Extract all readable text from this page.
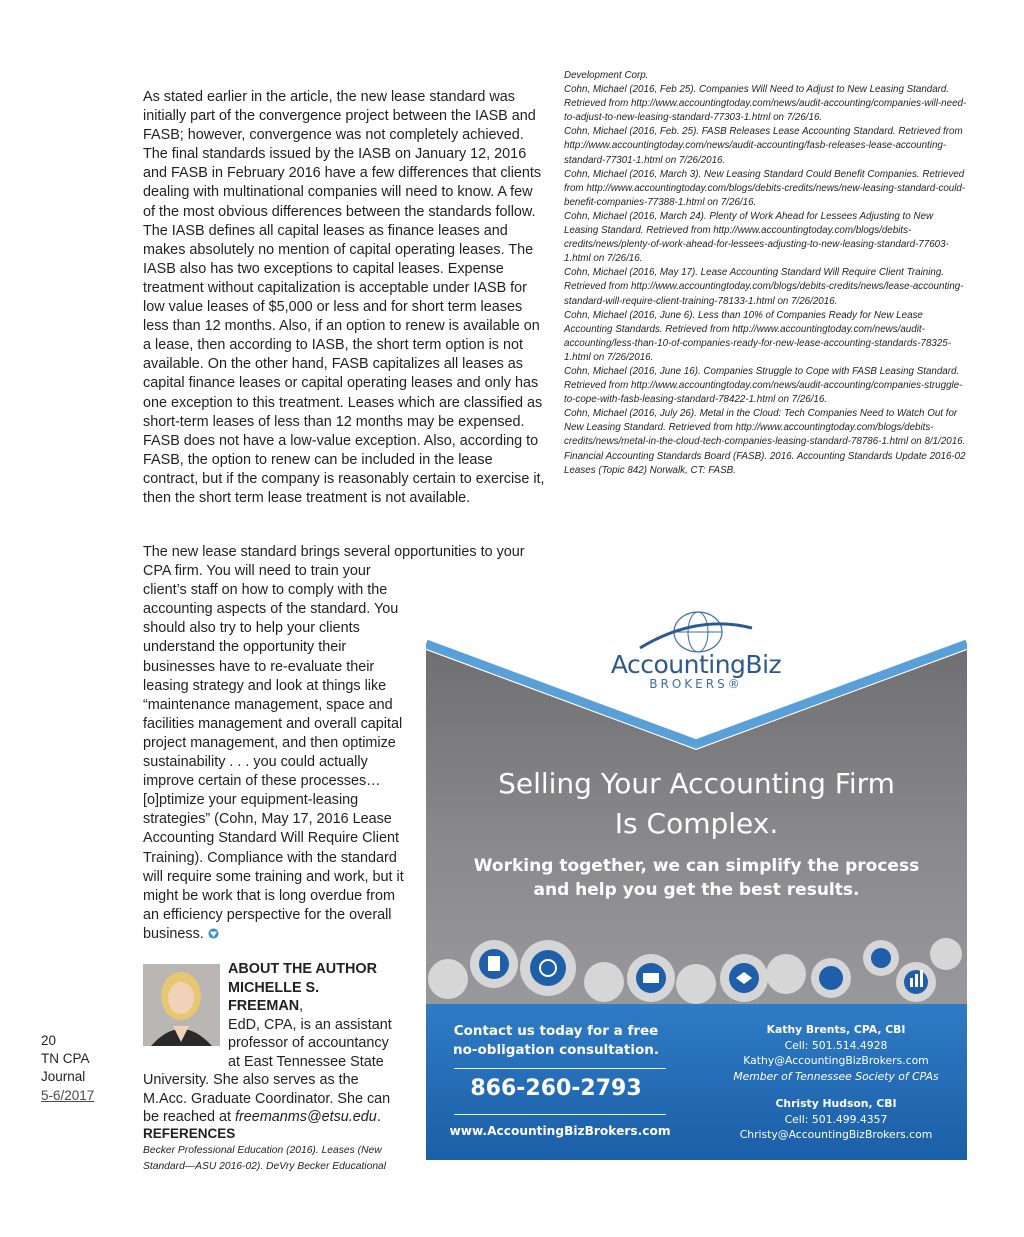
As stated earlier in the article, the new lease standard was initially part of the convergence project between the IASB and FASB; however, convergence was not completely achieved. The final standards issued by the IASB on January 12, 2016 and FASB in February 2016 have a few differences that clients dealing with multinational companies will need to know. A few of the most obvious differences between the standards follow. The IASB defines all capital leases as finance leases and makes absolutely no mention of capital operating leases. The IASB also has two exceptions to capital leases. Expense treatment without capitalization is acceptable under IASB for low value leases of $5,000 or less and for short term leases less than 12 months. Also, if an option to renew is available on a lease, then according to IASB, the short term option is not available. On the other hand, FASB capitalizes all leases as capital finance leases or capital operating leases and only has one exception to this treatment. Leases which are classified as short-term leases of less than 12 months may be expensed. FASB does not have a low-value exception. Also, according to FASB, the option to renew can be included in the lease contract, but if the company is reasonably certain to exercise it, then the short term lease treatment is not available.

The new lease standard brings several opportunities to your
CPA firm. You will need to train your client’s staff on how to comply with the accounting aspects of the standard. You should also try to help your clients understand the opportunity their businesses have to re-evaluate their leasing strategy and look at things like “maintenance management, space and facilities management and overall capital project management, and then optimize sustainability . . . you could actually improve certain of these processes…[o]ptimize your equipment-leasing strategies” (Cohn, May 17, 2016 Lease Accounting Standard Will Require Client Training). Compliance with the standard will require some training and work, but it might be work that is long overdue from an efficiency perspective for the overall business.
ABOUT THE AUTHOR
MICHELLE S. FREEMAN,
EdD, CPA, is an assistant
professor of accountancy
at East Tennessee State
University. She also serves as the M.Acc. Graduate Coordinator. She can be reached at freemanms@etsu.edu.
REFERENCES
Becker Professional Education (2016). Leases (New Standard—ASU 2016-02). DeVry Becker Educational
20
TN CPA
Journal
5-6/2017
Development Corp.
Cohn, Michael (2016, Feb 25). Companies Will Need to Adjust to New Leasing Standard. Retrieved from http://www.accountingtoday.com/news/audit-accounting/companies-will-need-to-adjust-to-new-leasing-standard-77303-1.html on 7/26/16.
Cohn, Michael (2016, Feb. 25). FASB Releases Lease Accounting Standard. Retrieved from http://www.accountingtoday.com/news/audit-accounting/fasb-releases-lease-accounting-standard-77301-1.html on 7/26/2016.
Cohn, Michael (2016, March 3). New Leasing Standard Could Benefit Companies. Retrieved from http://www.accountingtoday.com/blogs/debits-credits/news/new-leasing-standard-could-benefit-companies-77388-1.html on 7/26/16.
Cohn, Michael (2016, March 24). Plenty of Work Ahead for Lessees Adjusting to New Leasing Standard. Retrieved from http://www.accountingtoday.com/blogs/debits-credits/news/plenty-of-work-ahead-for-lessees-adjusting-to-new-leasing-standard-77603-1.html on 7/26/16.
Cohn, Michael (2016, May 17). Lease Accounting Standard Will Require Client Training. Retrieved from http://www.accountingtoday.com/blogs/debits-credits/news/lease-accounting-standard-will-require-client-training-78133-1.html on 7/26/2016.
Cohn, Michael (2016, June 6). Less than 10% of Companies Ready for New Lease Accounting Standards. Retrieved from http://www.accountingtoday.com/news/audit-accounting/less-than-10-of-companies-ready-for-new-lease-accounting-standards-78325-1.html on 7/26/2016.
Cohn, Michael (2016, June 16). Companies Struggle to Cope with FASB Leasing Standard. Retrieved from http://www.accountingtoday.com/news/audit-accounting/companies-struggle-to-cope-with-fasb-leasing-standard-78422-1.html on 7/26/16.
Cohn, Michael (2016, July 26). Metal in the Cloud: Tech Companies Need to Watch Out for New Leasing Standard. Retrieved from http://www.accountingtoday.com/blogs/debits-credits/news/metal-in-the-cloud-tech-companies-leasing-standard-78786-1.html on 8/1/2016.
Financial Accounting Standards Board (FASB). 2016. Accounting Standards Update 2016-02 Leases (Topic 842) Norwalk, CT: FASB.
AccountingBiz
BROKERS®
Selling Your Accounting Firm
Is Complex.
Working together, we can simplify the process
and help you get the best results.
Contact us today for a free
no-obligation consultation.
866-260-2793
www.AccountingBizBrokers.com
Kathy Brents, CPA, CBI
Cell: 501.514.4928
Kathy@AccountingBizBrokers.com
Member of Tennessee Society of CPAs
Christy Hudson, CBI
Cell: 501.499.4357
Christy@AccountingBizBrokers.com
